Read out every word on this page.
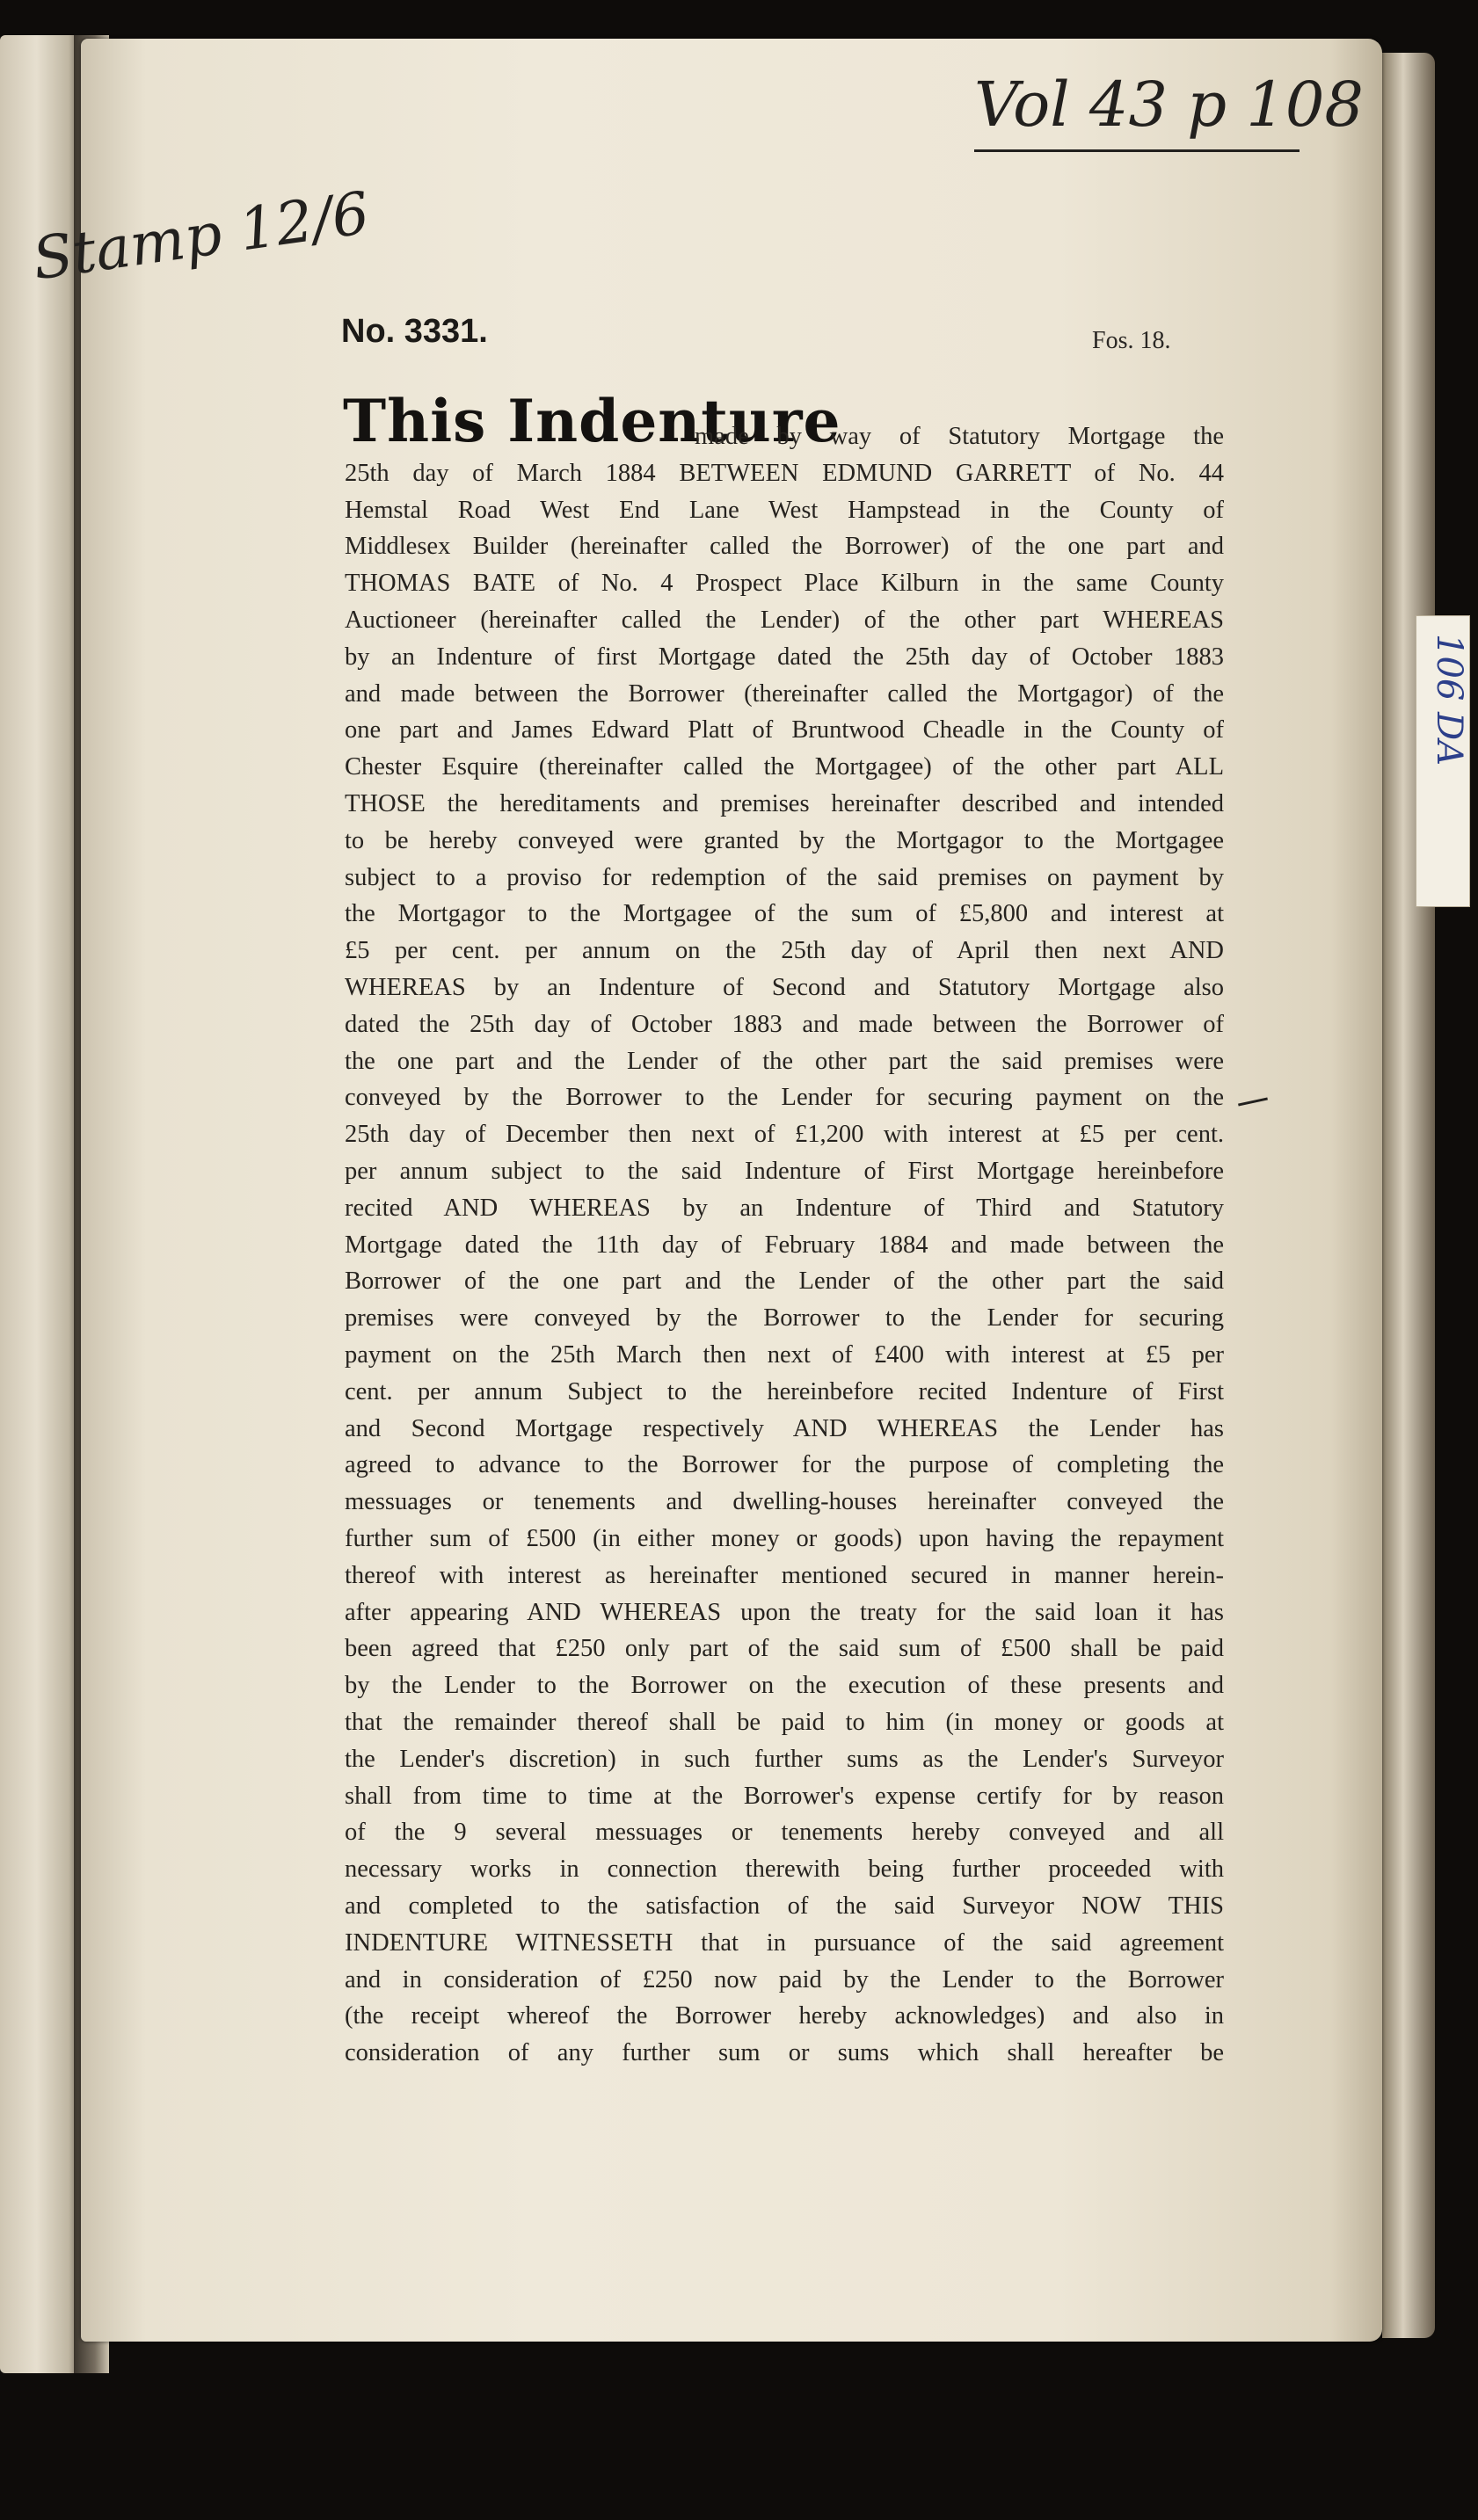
106 DA
Vol 43 p 108
Stamp 12/6
No. 3331.	Fos. 18.
This Indenture
made by way of Statutory Mortgage the
25th day of March 1884 BETWEEN EDMUND GARRETT of No. 44
Hemstal Road West End Lane West Hampstead in the County of
Middlesex Builder (hereinafter called the Borrower) of the one part and
THOMAS BATE of No. 4 Prospect Place Kilburn in the same County
Auctioneer (hereinafter called the Lender) of the other part WHEREAS
by an Indenture of first Mortgage dated the 25th day of October 1883
and made between the Borrower (thereinafter called the Mortgagor) of the
one part and James Edward Platt of Bruntwood Cheadle in the County of
Chester Esquire (thereinafter called the Mortgagee) of the other part ALL
THOSE the hereditaments and premises hereinafter described and intended
to be hereby conveyed were granted by the Mortgagor to the Mortgagee
subject to a proviso for redemption of the said premises on payment by
the Mortgagor to the Mortgagee of the sum of £5,800 and interest at
£5 per cent. per annum on the 25th day of April then next AND
WHEREAS by an Indenture of Second and Statutory Mortgage also
dated the 25th day of October 1883 and made between the Borrower of
the one part and the Lender of the other part the said premises were
conveyed by the Borrower to the Lender for securing payment on the
25th day of December then next of £1,200 with interest at £5 per cent.
per annum subject to the said Indenture of First Mortgage hereinbefore
recited AND WHEREAS by an Indenture of Third and Statutory
Mortgage dated the 11th day of February 1884 and made between the
Borrower of the one part and the Lender of the other part the said
premises were conveyed by the Borrower to the Lender for securing
payment on the 25th March then next of £400 with interest at £5 per
cent. per annum Subject to the hereinbefore recited Indenture of First
and Second Mortgage respectively AND WHEREAS the Lender has
agreed to advance to the Borrower for the purpose of completing the
messuages or tenements and dwelling-houses hereinafter conveyed the
further sum of £500 (in either money or goods) upon having the repayment
thereof with interest as hereinafter mentioned secured in manner herein-
after appearing AND WHEREAS upon the treaty for the said loan it has
been agreed that £250 only part of the said sum of £500 shall be paid
by the Lender to the Borrower on the execution of these presents and
that the remainder thereof shall be paid to him (in money or goods at
the Lender's discretion) in such further sums as the Lender's Surveyor
shall from time to time at the Borrower's expense certify for by reason
of the 9 several messuages or tenements hereby conveyed and all
necessary works in connection therewith being further proceeded with
and completed to the satisfaction of the said Surveyor NOW THIS
INDENTURE WITNESSETH that in pursuance of the said agreement
and in consideration of £250 now paid by the Lender to the Borrower
(the receipt whereof the Borrower hereby acknowledges) and also in
consideration of any further sum or sums which shall hereafter be
